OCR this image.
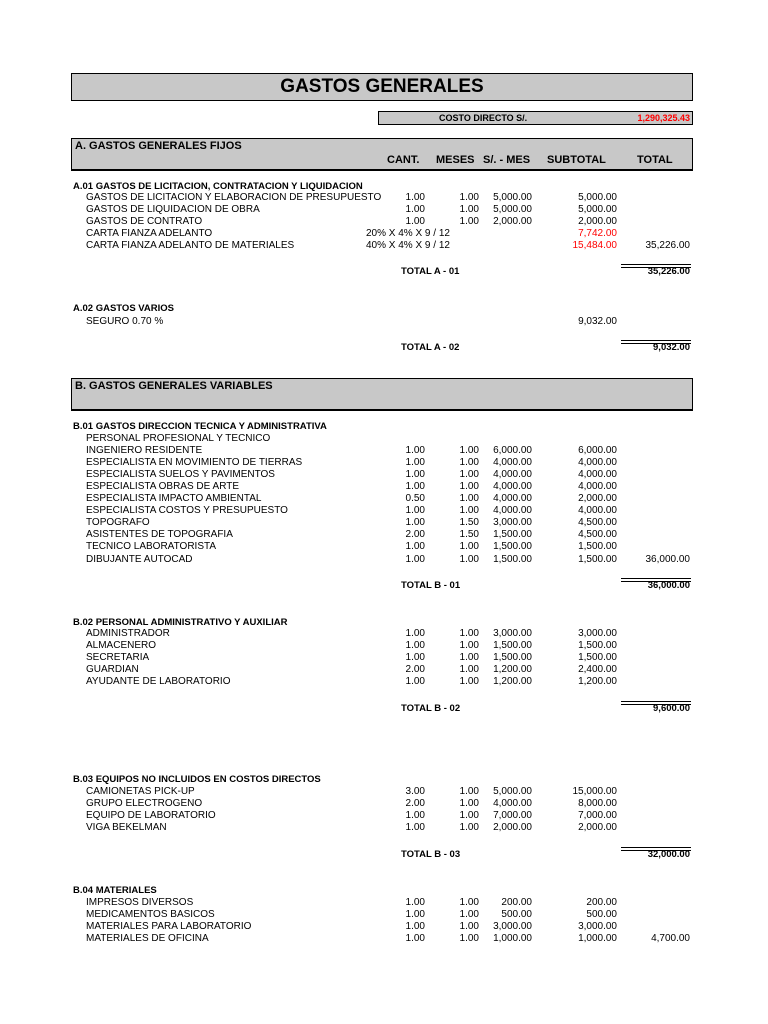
GASTOS GENERALES
COSTO DIRECTO S/.	1,290,325.43
A. GASTOS GENERALES FIJOS
CANT. MESES S/. - MES SUBTOTAL	TOTAL
A.01 GASTOS DE LICITACION, CONTRATACION Y LIQUIDACION
GASTOS DE LICITACION Y ELABORACION DE PRESUPUESTO 1.00	1.00 5,000.00	5,000.00
GASTOS DE LIQUIDACION DE OBRA	1.00	1.00 5,000.00	5,000.00
GASTOS DE CONTRATO	1.00	1.00 2,000.00	2,000.00
CARTA FIANZA ADELANTO	20% X 4% X 9 / 12	7,742.00
CARTA FIANZA ADELANTO DE MATERIALES	40% X 4% X 9 / 12	15,484.00	35,226.00
TOTAL A - 01	35,226.00
A.02 GASTOS VARIOS
SEGURO 0.70 %	9,032.00
TOTAL A - 02	9,032.00
B. GASTOS GENERALES VARIABLES
B.01 GASTOS DIRECCION TECNICA Y ADMINISTRATIVA
PERSONAL PROFESIONAL Y TECNICO
INGENIERO RESIDENTE	1.00	1.00 6,000.00	6,000.00
ESPECIALISTA EN MOVIMIENTO DE TIERRAS	1.00	1.00 4,000.00	4,000.00
ESPECIALISTA SUELOS Y PAVIMENTOS	1.00	1.00 4,000.00	4,000.00
ESPECIALISTA OBRAS DE ARTE	1.00	1.00 4,000.00	4,000.00
ESPECIALISTA IMPACTO AMBIENTAL	0.50	1.00 4,000.00	2,000.00
ESPECIALISTA COSTOS Y PRESUPUESTO	1.00	1.00 4,000.00	4,000.00
TOPOGRAFO	1.00	1.50 3,000.00	4,500.00
ASISTENTES DE TOPOGRAFIA	2.00	1.50 1,500.00	4,500.00
TECNICO LABORATORISTA	1.00	1.00 1,500.00	1,500.00
DIBUJANTE AUTOCAD	1.00	1.00 1,500.00	1,500.00	36,000.00
TOTAL B - 01	36,000.00
B.02 PERSONAL ADMINISTRATIVO Y AUXILIAR
ADMINISTRADOR	1.00	1.00 3,000.00	3,000.00
ALMACENERO	1.00	1.00 1,500.00	1,500.00
SECRETARIA	1.00	1.00 1,500.00	1,500.00
GUARDIAN	2.00	1.00 1,200.00	2,400.00
AYUDANTE DE LABORATORIO	1.00	1.00 1,200.00	1,200.00
TOTAL B - 02	9,600.00
B.03 EQUIPOS NO INCLUIDOS EN COSTOS DIRECTOS
CAMIONETAS PICK-UP	3.00	1.00 5,000.00	15,000.00
GRUPO ELECTROGENO	2.00	1.00 4,000.00	8,000.00
EQUIPO DE LABORATORIO	1.00	1.00 7,000.00	7,000.00
VIGA BEKELMAN	1.00	1.00 2,000.00	2,000.00
TOTAL B - 03	32,000.00
B.04 MATERIALES
IMPRESOS DIVERSOS	1.00	1.00 200.00	200.00
MEDICAMENTOS BASICOS	1.00	1.00 500.00	500.00
MATERIALES PARA LABORATORIO	1.00	1.00 3,000.00	3,000.00
MATERIALES DE OFICINA	1.00	1.00 1,000.00	1,000.00	4,700.00
